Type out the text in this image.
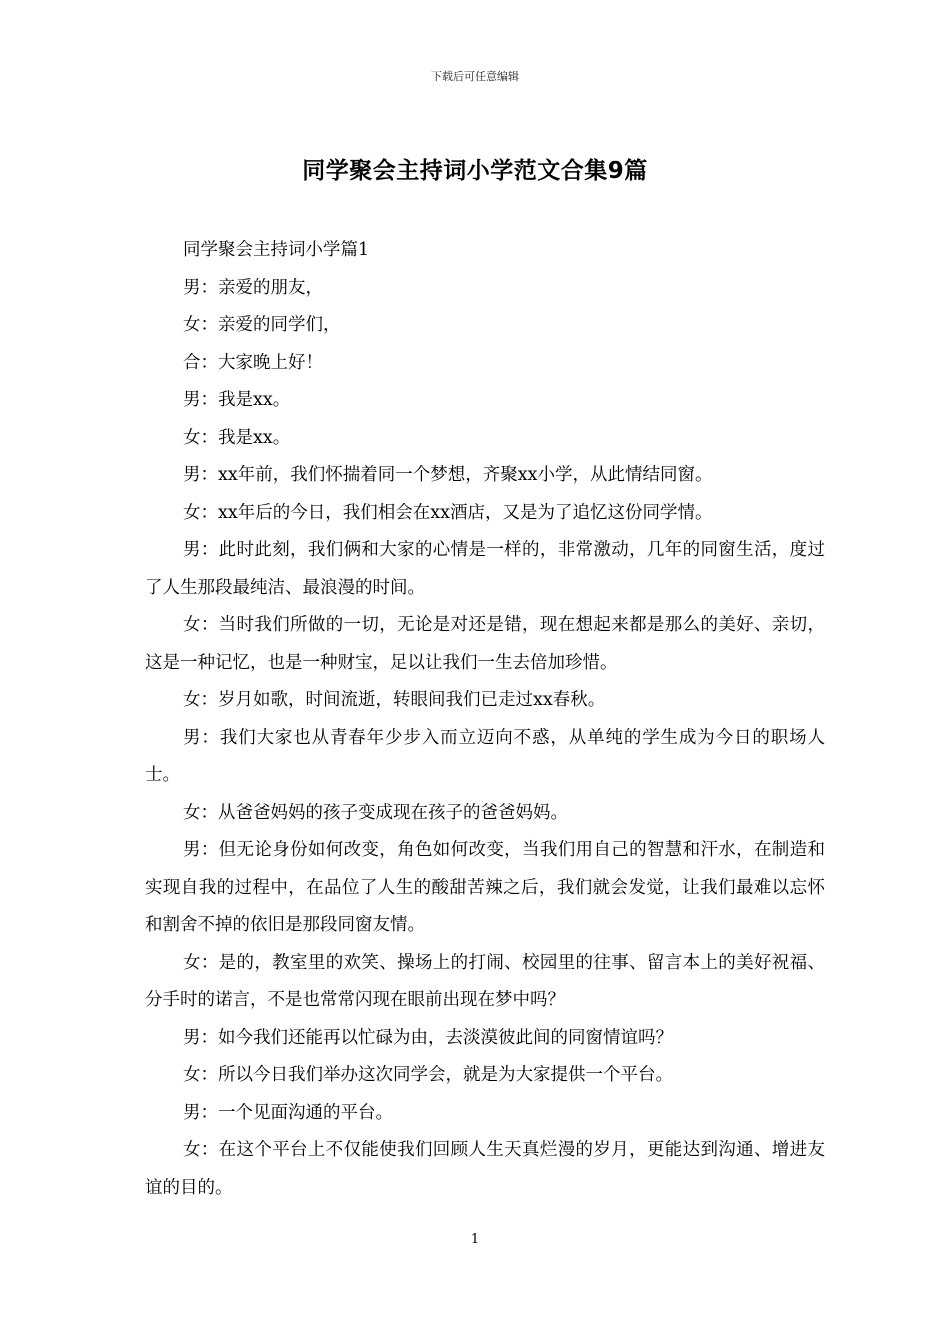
下载后可任意编辑
同学聚会主持词小学范文合集9篇

同学聚会主持词小学篇1

男：亲爱的朋友，

女：亲爱的同学们，

合：大家晚上好！

男：我是xx。

女：我是xx。

男：xx年前，我们怀揣着同一个梦想，齐聚xx小学，从此情结同窗。

女：xx年后的今日，我们相会在xx酒店，又是为了追忆这份同学情。

男：此时此刻，我们俩和大家的心情是一样的，非常激动，几年的同窗生活，度过了人生那段最纯洁、最浪漫的时间。

女：当时我们所做的一切，无论是对还是错，现在想起来都是那么的美好、亲切，这是一种记忆，也是一种财宝，足以让我们一生去倍加珍惜。

女：岁月如歌，时间流逝，转眼间我们已走过xx春秋。

男：我们大家也从青春年少步入而立迈向不惑，从单纯的学生成为今日的职场人士。

女：从爸爸妈妈的孩子变成现在孩子的爸爸妈妈。

男：但无论身份如何改变，角色如何改变，当我们用自己的智慧和汗水，在制造和实现自我的过程中，在品位了人生的酸甜苦辣之后，我们就会发觉，让我们最难以忘怀和割舍不掉的依旧是那段同窗友情。

女：是的，教室里的欢笑、操场上的打闹、校园里的往事、留言本上的美好祝福、分手时的诺言，不是也常常闪现在眼前出现在梦中吗？

男：如今我们还能再以忙碌为由，去淡漠彼此间的同窗情谊吗？

女：所以今日我们举办这次同学会，就是为大家提供一个平台。

男：一个见面沟通的平台。

女：在这个平台上不仅能使我们回顾人生天真烂漫的岁月，更能达到沟通、增进友谊的目的。

1
